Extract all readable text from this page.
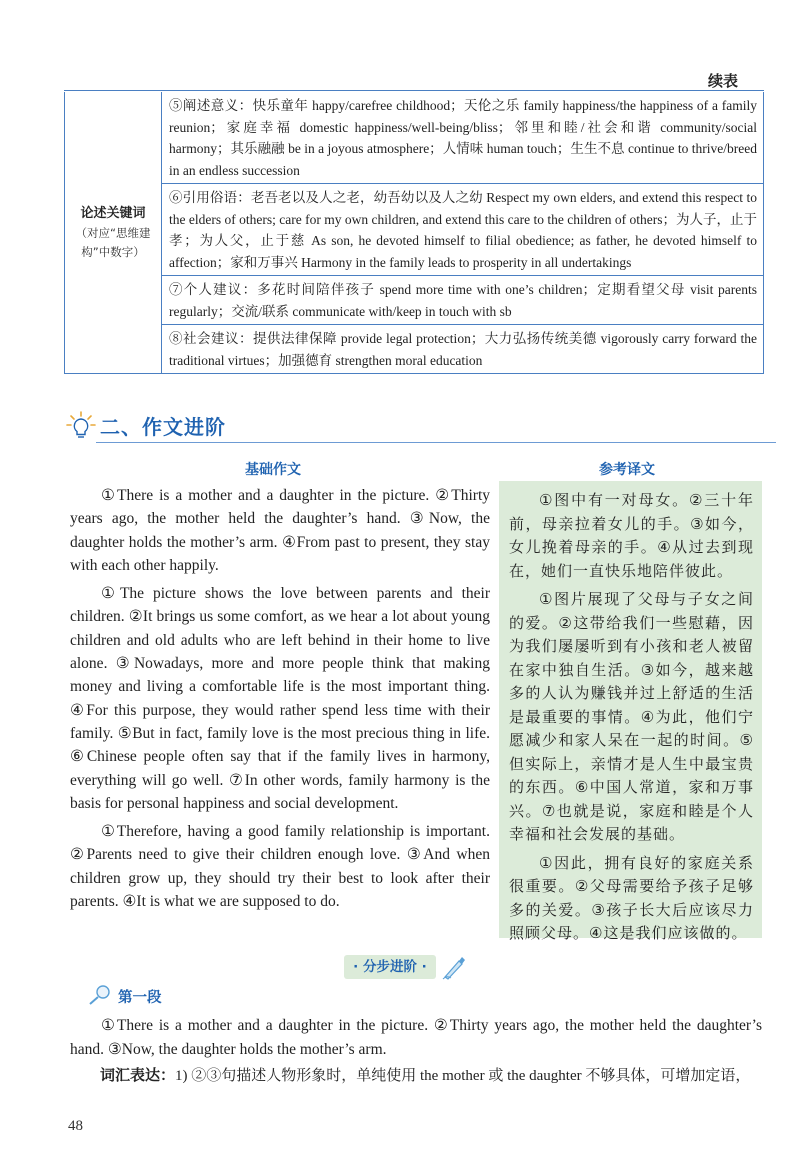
续表
论述关键词
（对应“思维建
构”中数字）
	⑤阐述意义：快乐童年 happy/carefree childhood；天伦之乐 family happiness/the happiness of a family reunion；家庭幸福 domestic happiness/well-being/bliss；邻里和睦/社会和谐 community/social harmony；其乐融融 be in a joyous atmosphere；人情味 human touch；生生不息 continue to thrive/breed in an endless succession
⑥引用俗语：老吾老以及人之老，幼吾幼以及人之幼 Respect my own elders, and extend this respect to the elders of others; care for my own children, and extend this care to the children of others；为人子，止于孝；为人父，止于慈 As son, he devoted himself to filial obedience; as father, he devoted himself to affection；家和万事兴 Harmony in the family leads to prosperity in all undertakings
⑦个人建议：多花时间陪伴孩子 spend more time with one’s children；定期看望父母 visit parents regularly；交流/联系 communicate with/keep in touch with sb
⑧社会建议：提供法律保障 provide legal protection；大力弘扬传统美德 vigorously carry forward the traditional virtues；加强德育 strengthen moral education
二、作文进阶
基础作文	参考译文

①There is a mother and a daughter in the picture. ②Thirty years ago, the mother held the daughter’s hand. ③Now, the daughter holds the mother’s arm. ④From past to present, they stay with each other happily.

①The picture shows the love between parents and their children. ②It brings us some comfort, as we hear a lot about young children and old adults who are left behind in their home to live alone. ③Nowadays, more and more people think that making money and living a comfortable life is the most important thing. ④For this purpose, they would rather spend less time with their family. ⑤But in fact, family love is the most precious thing in life. ⑥Chinese people often say that if the family lives in harmony, everything will go well. ⑦In other words, family harmony is the basis for personal happiness and social development.

①Therefore, having a good family relationship is important. ②Parents need to give their children enough love. ③And when children grow up, they should try their best to look after their parents. ④It is what we are supposed to do.

①图中有一对母女。②三十年前，母亲拉着女儿的手。③如今，女儿挽着母亲的手。④从过去到现在，她们一直快乐地陪伴彼此。

①图片展现了父母与子女之间的爱。②这带给我们一些慰藉，因为我们屡屡听到有小孩和老人被留在家中独自生活。③如今，越来越多的人认为赚钱并过上舒适的生活是最重要的事情。④为此，他们宁愿减少和家人呆在一起的时间。⑤但实际上，亲情才是人生中最宝贵的东西。⑥中国人常道，家和万事兴。⑦也就是说，家庭和睦是个人幸福和社会发展的基础。

①因此，拥有良好的家庭关系很重要。②父母需要给予孩子足够多的关爱。③孩子长大后应该尽力照顾父母。④这是我们应该做的。

· 分步进阶 ·
第一段
①There is a mother and a daughter in the picture. ②Thirty years ago, the mother held the daughter’s hand. ③Now, the daughter holds the mother’s arm.
词汇表达：1) ②③句描述人物形象时，单纯使用 the mother 或 the daughter 不够具体，可增加定语，
48
